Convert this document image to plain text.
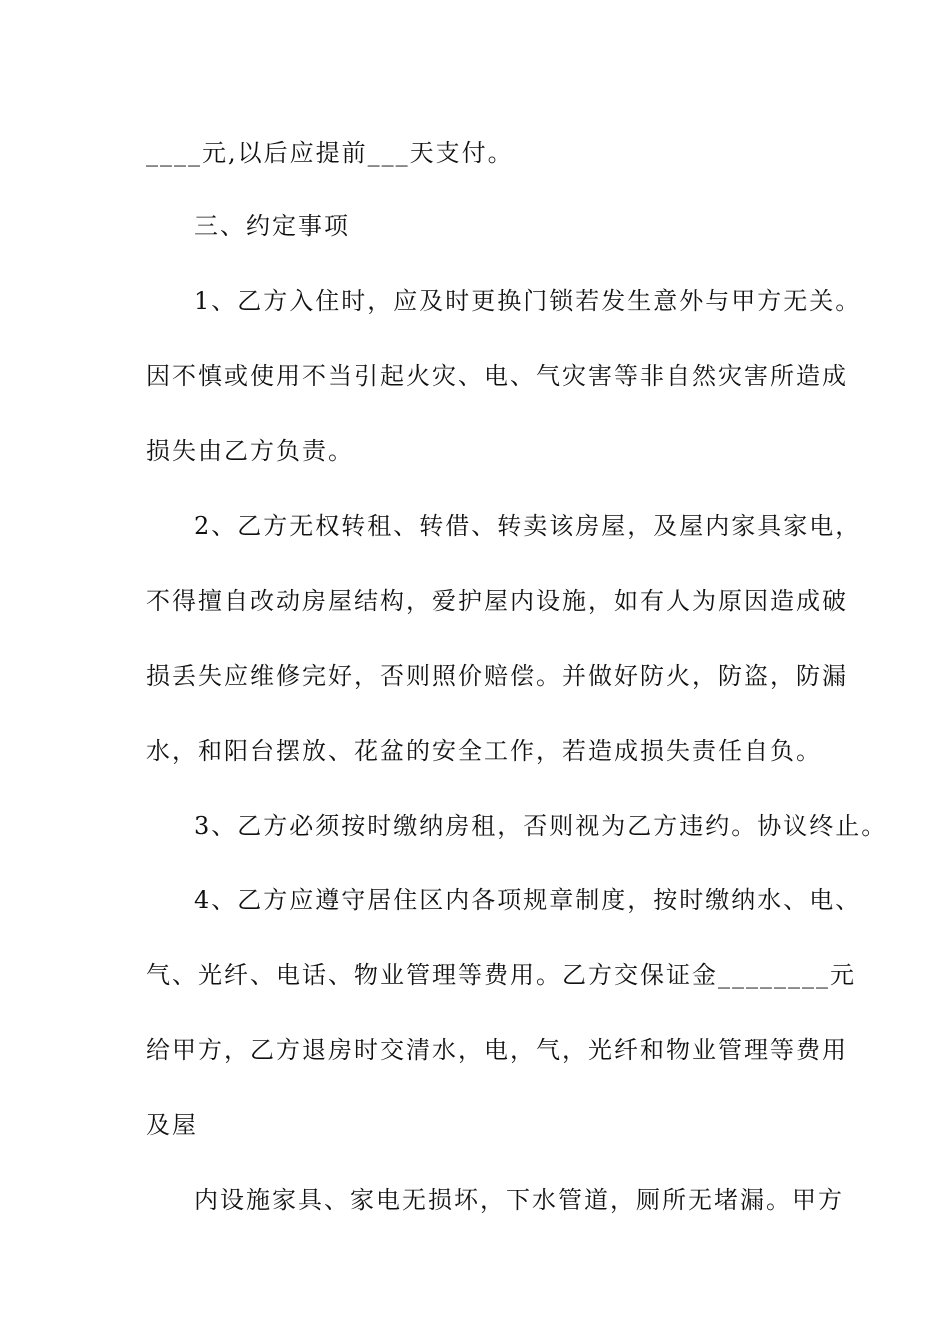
____元,以后应提前___天支付。
三、约定事项
1、乙方入住时，应及时更换门锁若发生意外与甲方无关。
因不慎或使用不当引起火灾、电、气灾害等非自然灾害所造成
损失由乙方负责。
2、乙方无权转租、转借、转卖该房屋，及屋内家具家电，
不得擅自改动房屋结构，爱护屋内设施，如有人为原因造成破
损丢失应维修完好，否则照价赔偿。并做好防火，防盗，防漏
水，和阳台摆放、花盆的安全工作，若造成损失责任自负。
3、乙方必须按时缴纳房租，否则视为乙方违约。协议终止。
4、乙方应遵守居住区内各项规章制度，按时缴纳水、电、
气、光纤、电话、物业管理等费用。乙方交保证金________元
给甲方，乙方退房时交清水，电，气，光纤和物业管理等费用
及屋
内设施家具、家电无损坏，下水管道，厕所无堵漏。甲方
